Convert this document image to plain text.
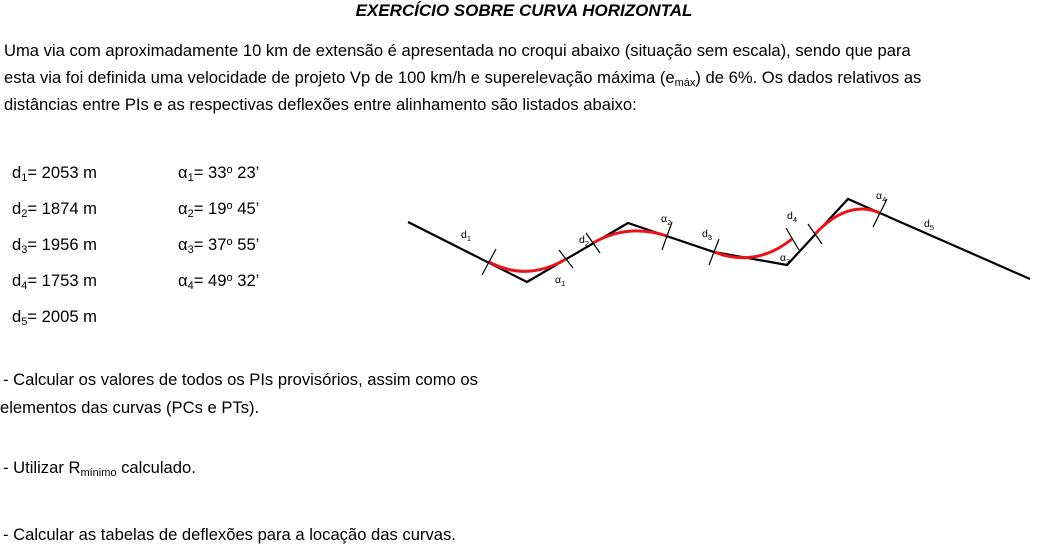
EXERCÍCIO SOBRE CURVA HORIZONTAL
Uma via com aproximadamente 10 km de extensão é apresentada no croqui abaixo (situação sem escala), sendo que para
esta via foi definida uma velocidade de projeto Vp de 100 km/h e superelevação máxima $(e_{máx})$ de 6%. Os dados relativos as
distâncias entre PIs e as respectivas deflexões entre alinhamento são listados abaixo:
$d_1= 2053$ m
$d_2= 1874$ m
$d_3= 1956$ m
$d_4= 1753$ m
$d_5= 2005$ m
$\alpha_1= 33^o$ 23’
$\alpha_2= 19^o$ 45’
$\alpha_3= 37^o$ 55’
$\alpha_4= 49^o$ 32’
$d_1$	$d_2$
$d_3$
$d_4$	$d_5$
$\alpha_1$
$\alpha_2$
$\alpha_3$
$\alpha_4$
- Calcular os valores de todos os PIs provisórios, assim como os
elementos das curvas (PCs e PTs).
- Utilizar $R_{mínimo}$ calculado.
- Calcular as tabelas de deflexões para a locação das curvas.
